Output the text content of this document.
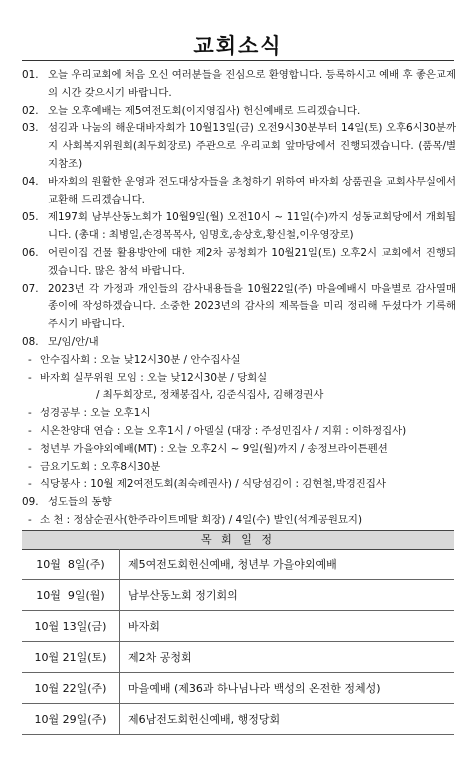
교회소식
01. 오늘 우리교회에 처음 오신 여러분들을 진심으로 환영합니다. 등록하시고 예배 후 좋은교제의 시간 갖으시기 바랍니다.
02. 오늘 오후예배는 제5여전도회(이지영집사) 헌신예배로 드리겠습니다.
03. 섬김과 나눔의 해운대바자회가 10월13일(금) 오전9시30분부터 14일(토) 오후6시30분까지 사회복지위원회(최두희장로) 주관으로 우리교회 앞마당에서 진행되겠습니다. (품목/별지참조)
04. 바자회의 원활한 운영과 전도대상자들을 초청하기 위하여 바자회 상품권을 교회사무실에서 교환해 드리겠습니다.
05. 제197회 남부산동노회가 10월9일(월) 오전10시 ~ 11일(수)까지 성동교회당에서 개회됩니다. (총대 : 최병일,손경목목사, 임명호,송상호,황신철,이우영장로)
06. 어린이집 건물 활용방안에 대한 제2차 공청회가 10월21일(토) 오후2시 교회에서 진행되겠습니다. 많은 참석 바랍니다.
07. 2023년 각 가정과 개인들의 감사내용들을 10월22일(주) 마을예배시 마을별로 감사열매종이에 작성하겠습니다. 소중한 2023년의 감사의 제목들을 미리 정리해 두셨다가 기록해주시기 바랍니다.
08. 모/임/안/내
- 안수집사회 : 오늘 낮12시30분 / 안수집사실
- 바자회 실무위원 모임 : 오늘 낮12시30분 / 당회실
/ 최두희장로, 정채봉집사, 김준식집사, 김해경권사
- 성경공부 : 오늘 오후1시
- 시온찬양대 연습 : 오늘 오후1시 / 아델실 (대장 : 주성민집사 / 지휘 : 이하정집사)
- 청년부 가을야외예배(MT) : 오늘 오후2시 ~ 9일(월)까지 / 송정브라이튼펜션
- 금요기도회 : 오후8시30분
- 식당봉사 : 10월 제2여전도회(최숙례권사) / 식당섬김이 : 김현철,박경진집사
09. 성도들의 동향
- 소 천 : 정삼순권사(한주라이트메탈 회장) / 4일(수) 발인(석계공원묘지)
목 회 일 정
10월  8일(주)	제5여전도회헌신예배, 청년부 가을야외예배
10월  9일(월)	남부산동노회 정기회의
10월 13일(금)	바자회
10월 21일(토)	제2차 공청회
10월 22일(주)	마을예배 (제36과 하나님나라 백성의 온전한 정체성)
10월 29일(주)	제6남전도회헌신예배, 행정당회
